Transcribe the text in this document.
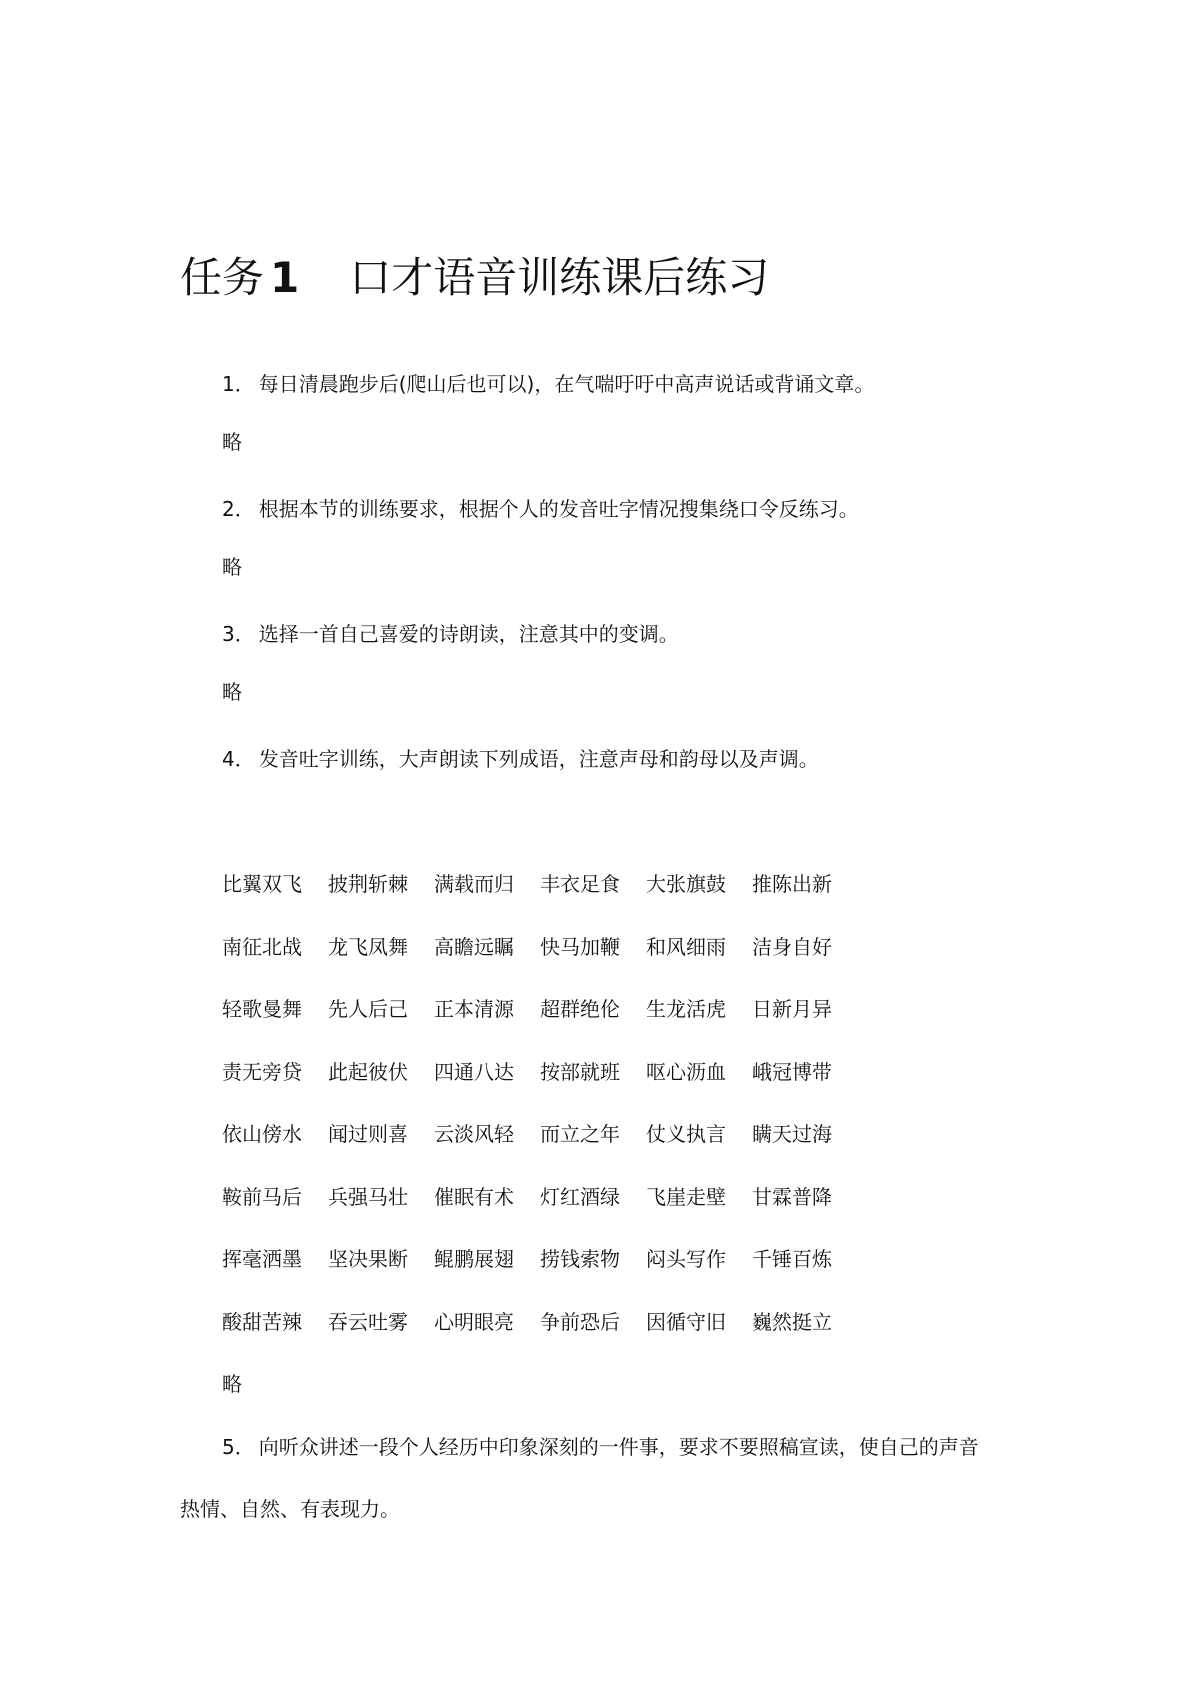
任务 1 口才语音训练课后练习

1． 每日清晨跑步后(爬山后也可以)，在气喘吁吁中高声说话或背诵文章。

略

2． 根据本节的训练要求，根据个人的发音吐字情况搜集绕口令反练习。

略

3． 选择一首自己喜爱的诗朗读，注意其中的变调。

略

4． 发音吐字训练，大声朗读下列成语，注意声母和韵母以及声调。

比翼双飞 披荆斩棘 满载而归 丰衣足食 大张旗鼓 推陈出新
南征北战 龙飞凤舞 高瞻远瞩 快马加鞭 和风细雨 洁身自好
轻歌曼舞 先人后己 正本清源 超群绝伦 生龙活虎 日新月异
责无旁贷 此起彼伏 四通八达 按部就班 呕心沥血 峨冠博带
依山傍水 闻过则喜 云淡风轻 而立之年 仗义执言 瞒天过海
鞍前马后 兵强马壮 催眠有术 灯红酒绿 飞崖走壁 甘霖普降
挥毫洒墨 坚决果断 鲲鹏展翅 捞钱索物 闷头写作 千锤百炼
酸甜苦辣 吞云吐雾 心明眼亮 争前恐后 因循守旧 巍然挺立

略

5． 向听众讲述一段个人经历中印象深刻的一件事，要求不要照稿宣读，使自己的声音

热情、自然、有表现力。
